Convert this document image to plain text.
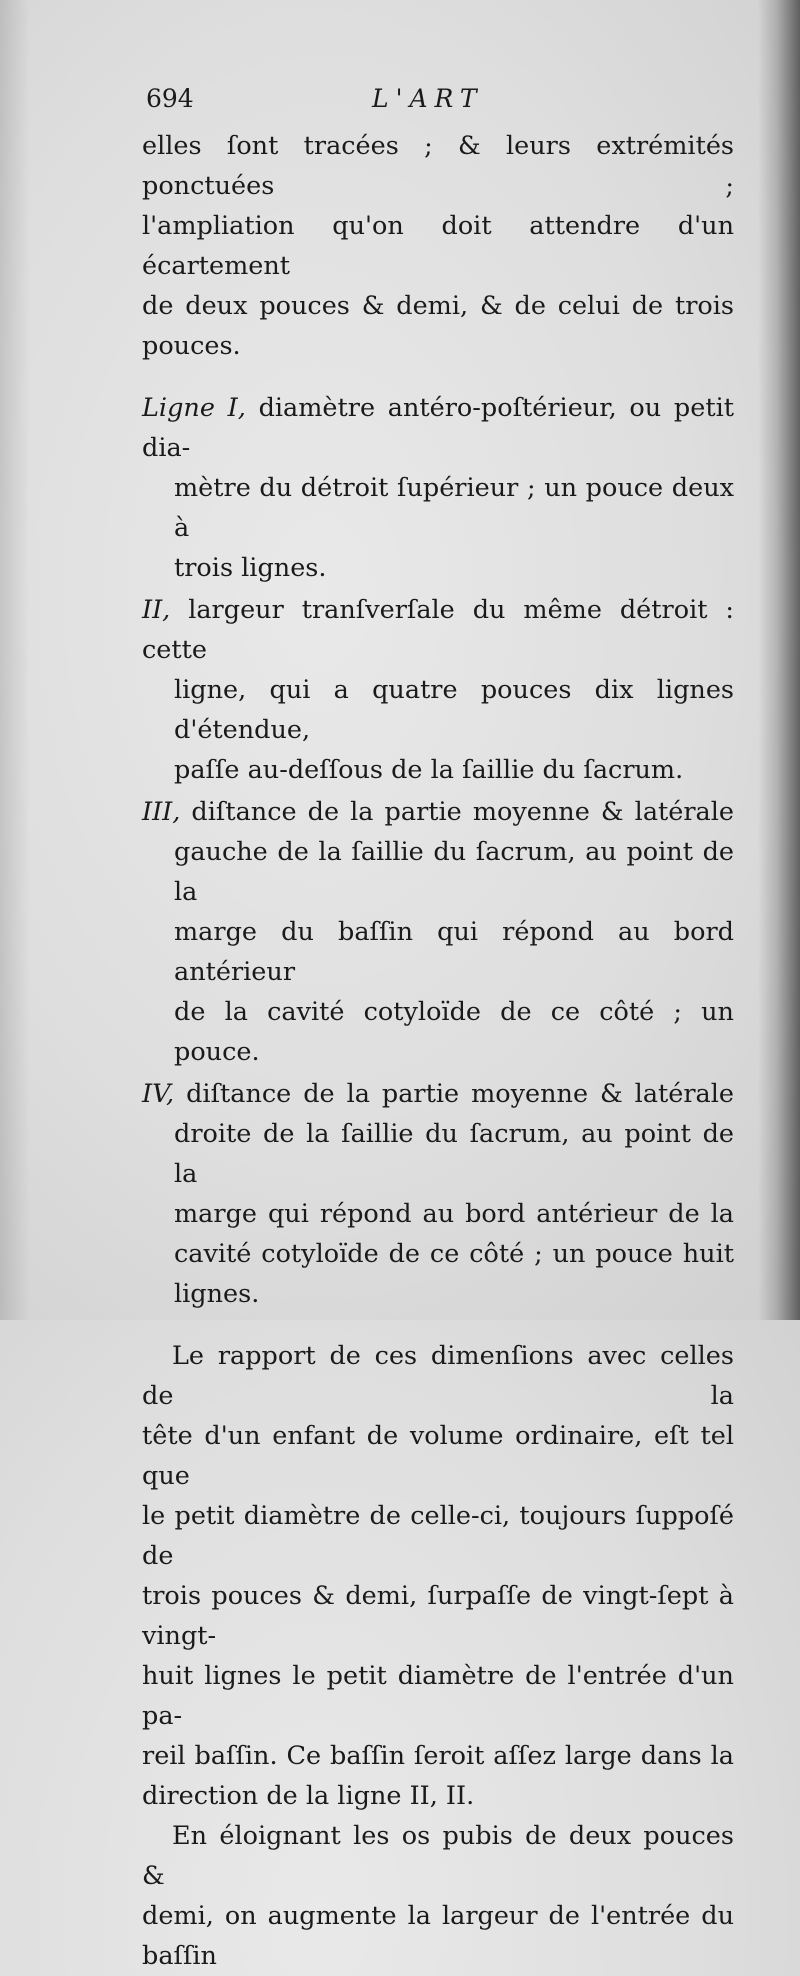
694	L'ART

elles ſont tracées ; & leurs extrémités ponctuées ;

l'ampliation qu'on doit attendre d'un écartement

de deux pouces & demi, & de celui de trois

pouces.

Ligne I, diamètre antéro-poſtérieur, ou petit dia-

mètre du détroit ſupérieur ; un pouce deux à

trois lignes.

II, largeur tranſverſale du même détroit : cette

ligne, qui a quatre pouces dix lignes d'étendue,

paſſe au-deſſous de la ſaillie du ſacrum.

III, diſtance de la partie moyenne & latérale

gauche de la ſaillie du ſacrum, au point de la

marge du baſſin qui répond au bord antérieur

de la cavité cotyloïde de ce côté ; un pouce.

IV, diſtance de la partie moyenne & latérale

droite de la ſaillie du ſacrum, au point de la

marge qui répond au bord antérieur de la

cavité cotyloïde de ce côté ; un pouce huit

lignes.

Le rapport de ces dimenſions avec celles de la

tête d'un enfant de volume ordinaire, eſt tel que

le petit diamètre de celle-ci, toujours ſuppoſé de

trois pouces & demi, ſurpaſſe de vingt-ſept à vingt-

huit lignes le petit diamètre de l'entrée d'un pa-

reil baſſin. Ce baſſin ſeroit aſſez large dans la

direction de la ligne II, II.

En éloignant les os pubis de deux pouces &

demi, on augmente la largeur de l'entrée du baſſin
